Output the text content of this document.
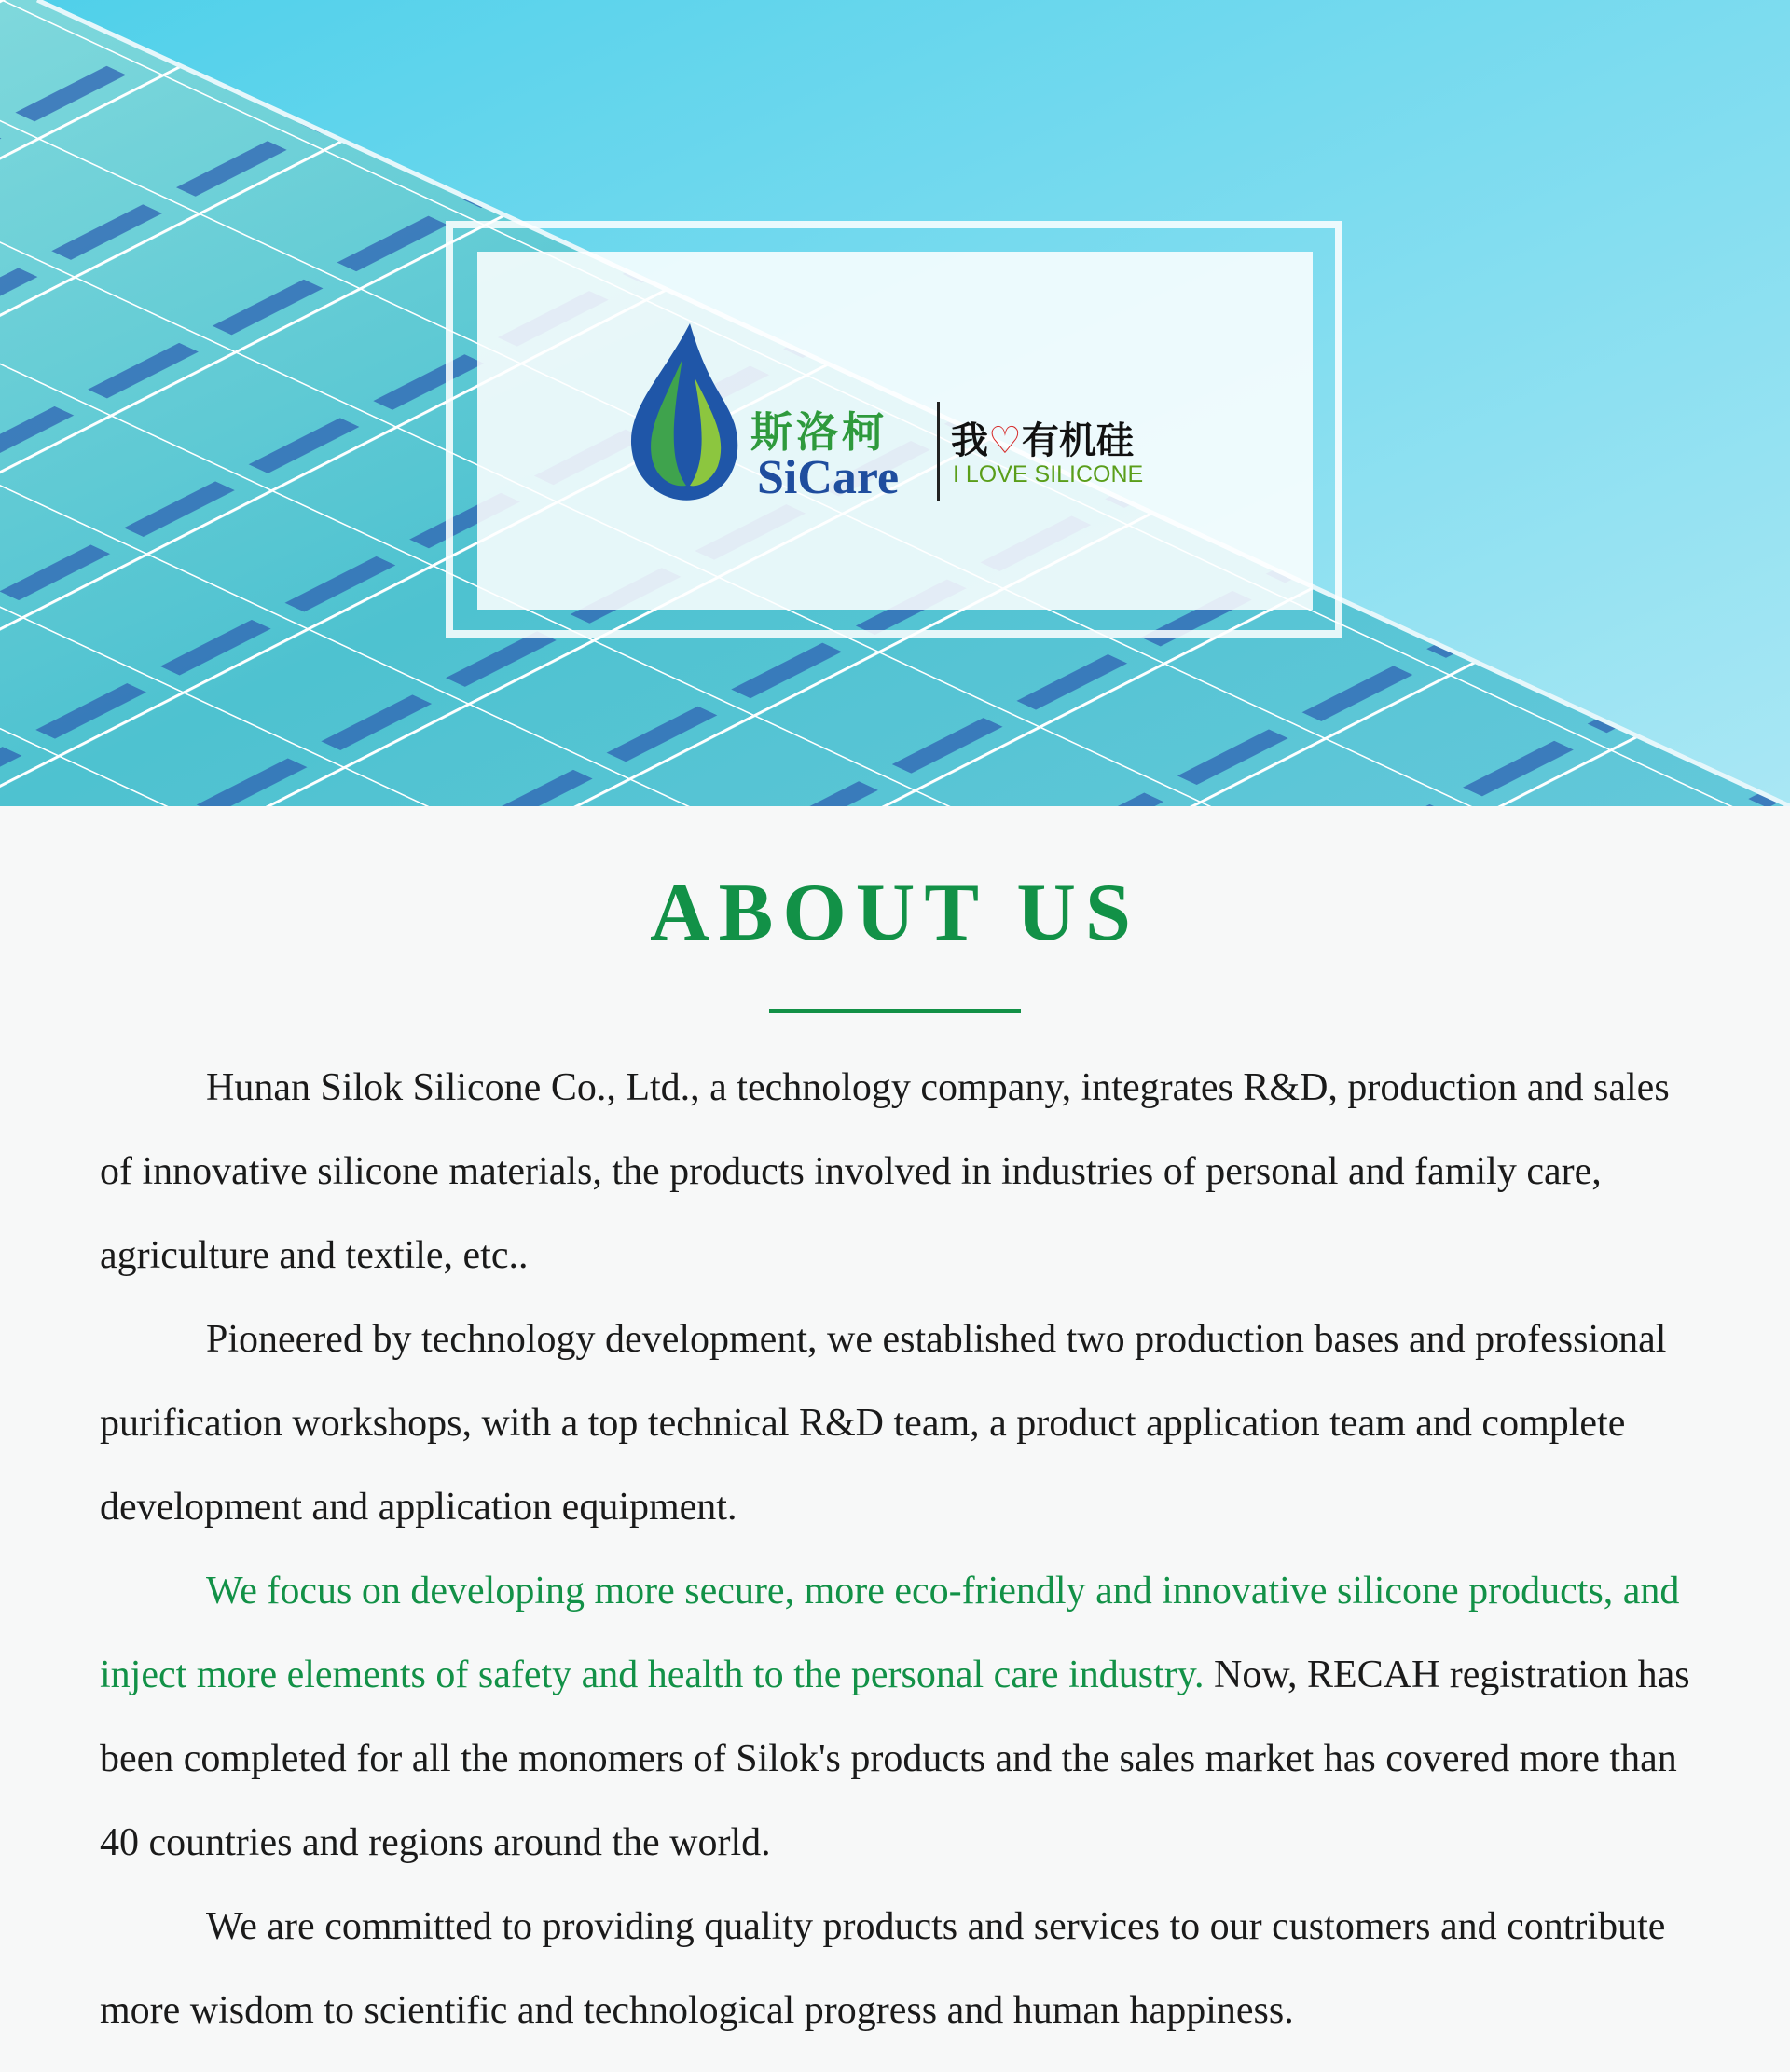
斯洛柯
SiCare
我♡有机硅
I LOVE SILICONE
ABOUT US

Hunan Silok Silicone Co., Ltd., a technology company, integrates R&D, production and sales of innovative silicone materials, the products involved in industries of personal and family care, agriculture and textile, etc..

Pioneered by technology development, we established two production bases and professional purification workshops, with a top technical R&D team, a product application team and complete development and application equipment.

We focus on developing more secure, more eco-friendly and innovative silicone products, and inject more elements of safety and health to the personal care industry. Now, RECAH registration has been completed for all the monomers of Silok's products and the sales market has covered more than 40 countries and regions around the world.

We are committed to providing quality products and services to our customers and contribute more wisdom to scientific and technological progress and human happiness.
